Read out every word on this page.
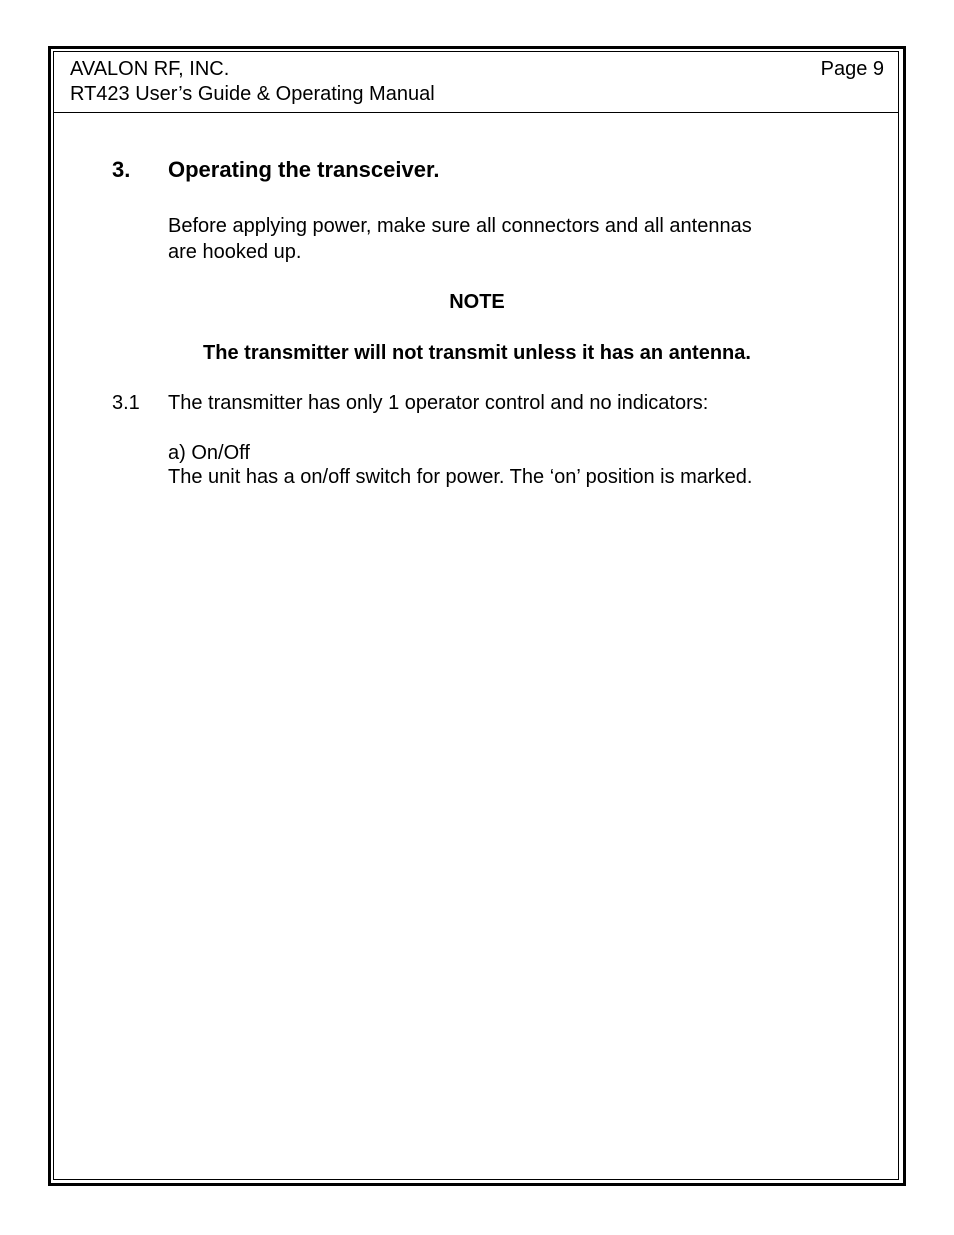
AVALON RF, INC.	Page 9
RT423 User’s Guide & Operating Manual
3. Operating the transceiver.
Before applying power, make sure all connectors and all antennas
are hooked up.
NOTE
The transmitter will not transmit unless it has an antenna.
3.1 The transmitter has only 1 operator control and no indicators:
a) On/Off
The unit has a on/off switch for power. The ‘on’ position is marked.
